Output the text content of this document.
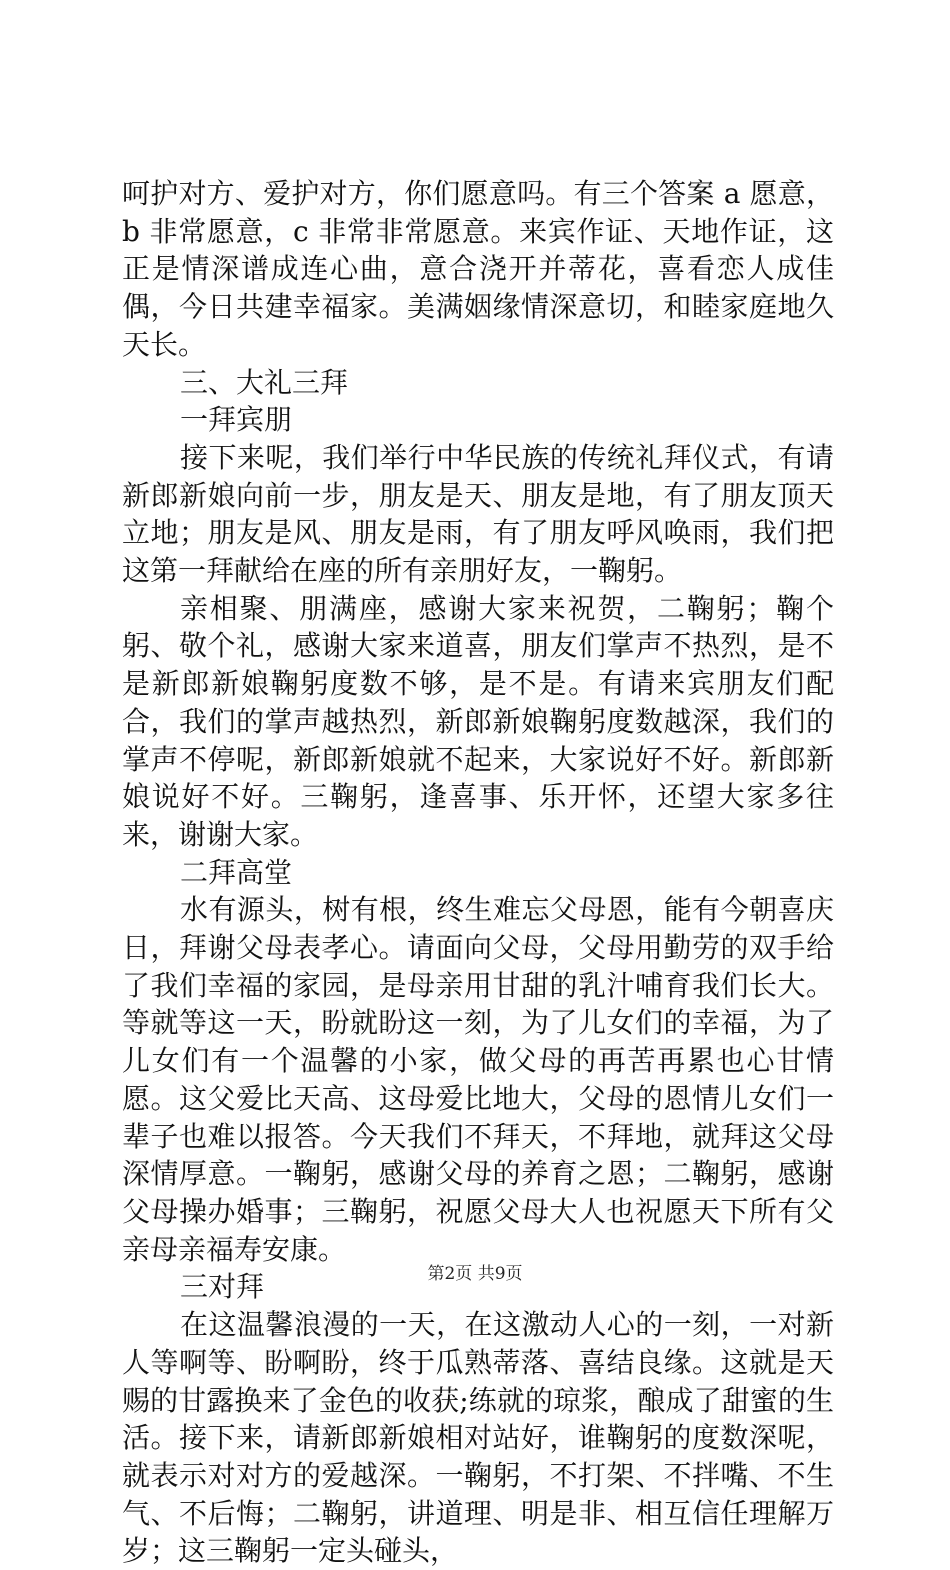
呵护对方、爱护对方，你们愿意吗。有三个答案 a 愿意，b 非常愿意，c 非常非常愿意。来宾作证、天地作证，这正是情深谱成连心曲，意合浇开并蒂花，喜看恋人成佳偶，今日共建幸福家。美满姻缘情深意切，和睦家庭地久天长。

三、大礼三拜

一拜宾朋

接下来呢，我们举行中华民族的传统礼拜仪式，有请新郎新娘向前一步，朋友是天、朋友是地，有了朋友顶天立地；朋友是风、朋友是雨，有了朋友呼风唤雨，我们把这第一拜献给在座的所有亲朋好友，一鞠躬。

亲相聚、朋满座，感谢大家来祝贺，二鞠躬；鞠个躬、敬个礼，感谢大家来道喜，朋友们掌声不热烈，是不是新郎新娘鞠躬度数不够，是不是。有请来宾朋友们配合，我们的掌声越热烈，新郎新娘鞠躬度数越深，我们的掌声不停呢，新郎新娘就不起来，大家说好不好。新郎新娘说好不好。三鞠躬，逢喜事、乐开怀，还望大家多往来，谢谢大家。

二拜高堂

水有源头，树有根，终生难忘父母恩，能有今朝喜庆日，拜谢父母表孝心。请面向父母，父母用勤劳的双手给了我们幸福的家园，是母亲用甘甜的乳汁哺育我们长大。等就等这一天，盼就盼这一刻，为了儿女们的幸福，为了儿女们有一个温馨的小家，做父母的再苦再累也心甘情愿。这父爱比天高、这母爱比地大，父母的恩情儿女们一辈子也难以报答。今天我们不拜天，不拜地，就拜这父母深情厚意。一鞠躬，感谢父母的养育之恩；二鞠躬，感谢父母操办婚事；三鞠躬，祝愿父母大人也祝愿天下所有父亲母亲福寿安康。

三对拜

在这温馨浪漫的一天，在这激动人心的一刻，一对新人等啊等、盼啊盼，终于瓜熟蒂落、喜结良缘。这就是天赐的甘露换来了金色的收获;练就的琼浆，酿成了甜蜜的生活。接下来，请新郎新娘相对站好，谁鞠躬的度数深呢，就表示对对方的爱越深。一鞠躬，不打架、不拌嘴、不生气、不后悔；二鞠躬，讲道理、明是非、相互信任理解万岁；这三鞠躬一定头碰头，

第2页 共9页
